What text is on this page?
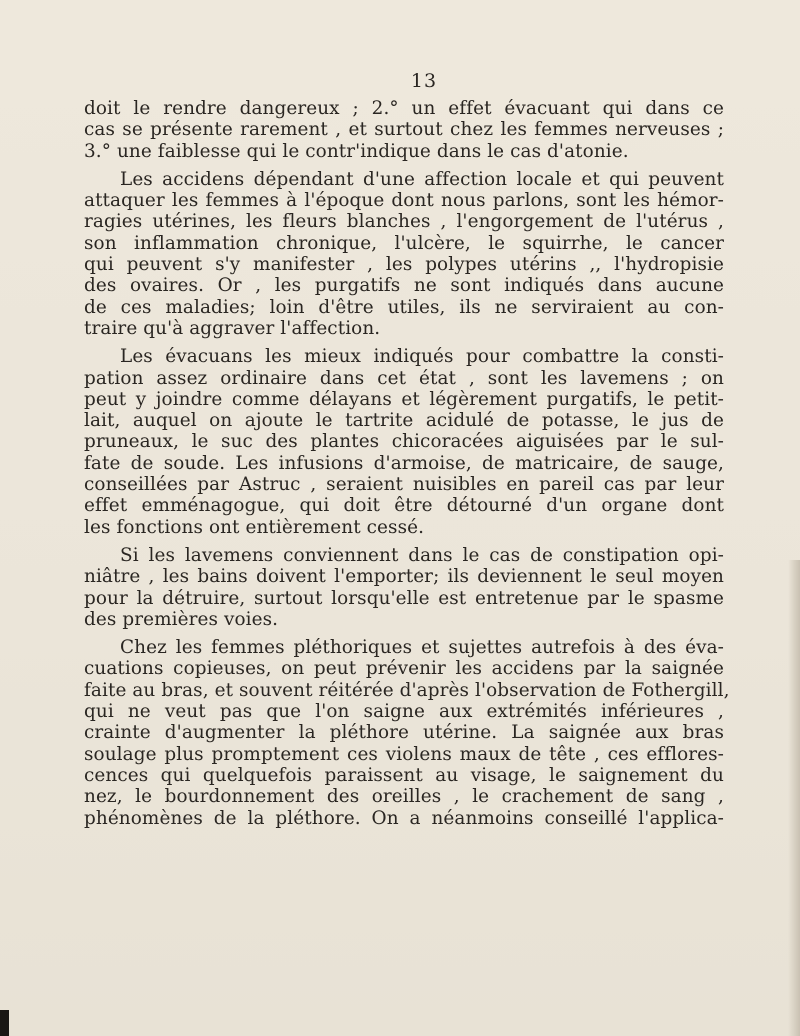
13
doit le rendre dangereux ; 2.° un effet évacuant qui dans ce
cas se présente rarement , et surtout chez les femmes nerveuses ;
3.° une faiblesse qui le contr'indique dans le cas d'atonie.
Les accidens dépendant d'une affection locale et qui peuvent
attaquer les femmes à l'époque dont nous parlons, sont les hémor-
ragies utérines, les fleurs blanches , l'engorgement de l'utérus ,
son inflammation chronique, l'ulcère, le squirrhe, le cancer
qui peuvent s'y manifester , les polypes utérins ,, l'hydropisie
des ovaires. Or , les purgatifs ne sont indiqués dans aucune
de ces maladies; loin d'être utiles, ils ne serviraient au con-
traire qu'à aggraver l'affection.
Les évacuans les mieux indiqués pour combattre la consti-
pation assez ordinaire dans cet état , sont les lavemens ; on
peut y joindre comme délayans et légèrement purgatifs, le petit-
lait, auquel on ajoute le tartrite acidulé de potasse, le jus de
pruneaux, le suc des plantes chicoracées aiguisées par le sul-
fate de soude. Les infusions d'armoise, de matricaire, de sauge,
conseillées par Astruc , seraient nuisibles en pareil cas par leur
effet emménagogue, qui doit être détourné d'un organe dont
les fonctions ont entièrement cessé.
Si les lavemens conviennent dans le cas de constipation opi-
niâtre , les bains doivent l'emporter; ils deviennent le seul moyen
pour la détruire, surtout lorsqu'elle est entretenue par le spasme
des premières voies.
Chez les femmes pléthoriques et sujettes autrefois à des éva-
cuations copieuses, on peut prévenir les accidens par la saignée
faite au bras, et souvent réitérée d'après l'observation de Fothergill,
qui ne veut pas que l'on saigne aux extrémités inférieures ,
crainte d'augmenter la pléthore utérine. La saignée aux bras
soulage plus promptement ces violens maux de tête , ces efflores-
cences qui quelquefois paraissent au visage, le saignement du
nez, le bourdonnement des oreilles , le crachement de sang ,
phénomènes de la pléthore. On a néanmoins conseillé l'applica-
